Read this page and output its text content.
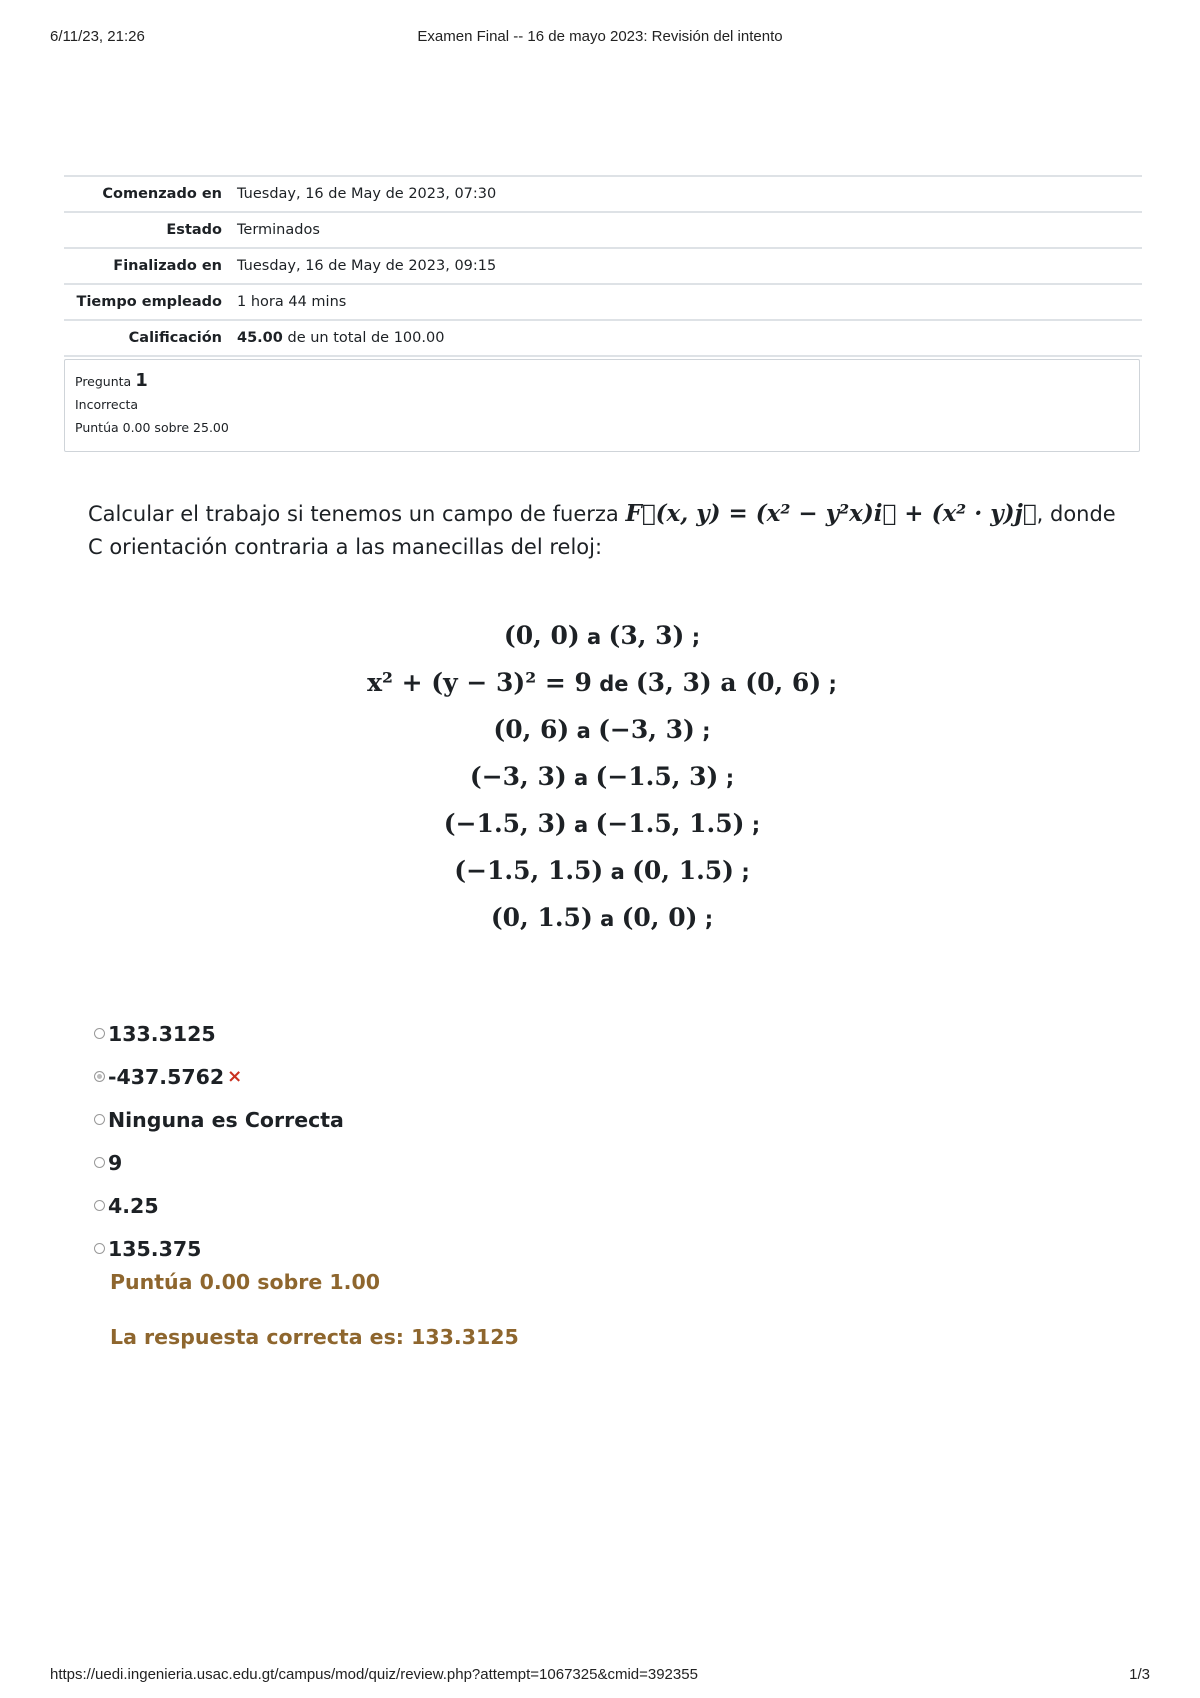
6/11/23, 21:26	Examen Final -- 16 de mayo 2023: Revisión del intento
Comenzado en	Tuesday, 16 de May de 2023, 07:30
Estado	Terminados
Finalizado en	Tuesday, 16 de May de 2023, 09:15
Tiempo empleado	1 hora 44 mins
Calificación	45.00 de un total de 100.00
Pregunta 1
Incorrecta
Puntúa 0.00 sobre 25.00
Calcular el trabajo si tenemos un campo de fuerza F⃗(x, y) = (x² − y²x)i⃗ + (x² · y)j⃗, donde C orientación contraria a las manecillas del reloj:
(0, 0) a (3, 3) ;
x² + (y − 3)² = 9 de (3, 3) a (0, 6) ;
(0, 6) a (−3, 3) ;
(−3, 3) a (−1.5, 3) ;
(−1.5, 3) a (−1.5, 1.5) ;
(−1.5, 1.5) a (0, 1.5) ;
(0, 1.5) a (0, 0) ;
133.3125
-437.5762 ×
Ninguna es Correcta
9
4.25
135.375
Puntúa 0.00 sobre 1.00
La respuesta correcta es: 133.3125
https://uedi.ingenieria.usac.edu.gt/campus/mod/quiz/review.php?attempt=1067325&cmid=392355	1/3
